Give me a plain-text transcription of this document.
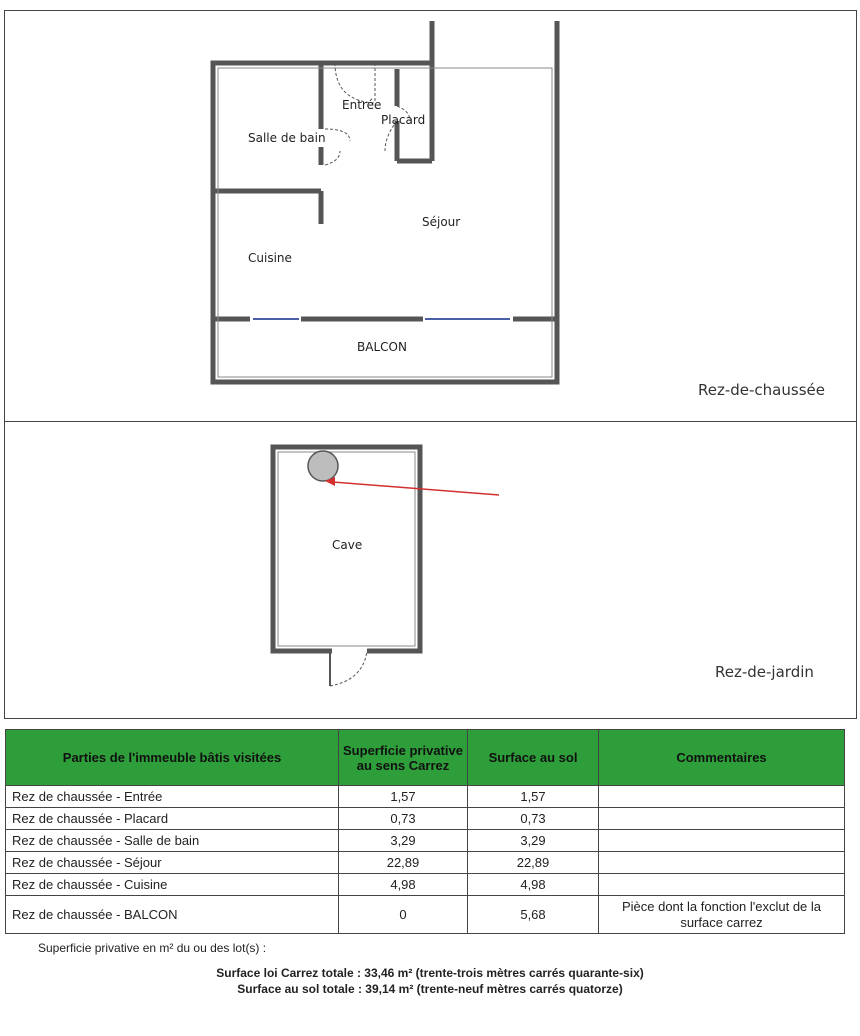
Entrée
Placard
Salle de bain
Séjour
Cuisine
BALCON
Rez-de-chaussée
Cave
Rez-de-jardin
Parties de l'immeuble bâtis visitées	Superficie privative au sens Carrez	Surface au sol	Commentaires
Rez de chaussée - Entrée	1,57	1,57	
Rez de chaussée - Placard	0,73	0,73	
Rez de chaussée - Salle de bain	3,29	3,29	
Rez de chaussée - Séjour	22,89	22,89	
Rez de chaussée - Cuisine	4,98	4,98	
Rez de chaussée - BALCON	0	5,68	Pièce dont la fonction l'exclut de la surface carrez
Superficie privative en m² du ou des lot(s) :
Surface loi Carrez totale : 33,46 m² (trente-trois mètres carrés quarante-six)
Surface au sol totale : 39,14 m² (trente-neuf mètres carrés quatorze)
